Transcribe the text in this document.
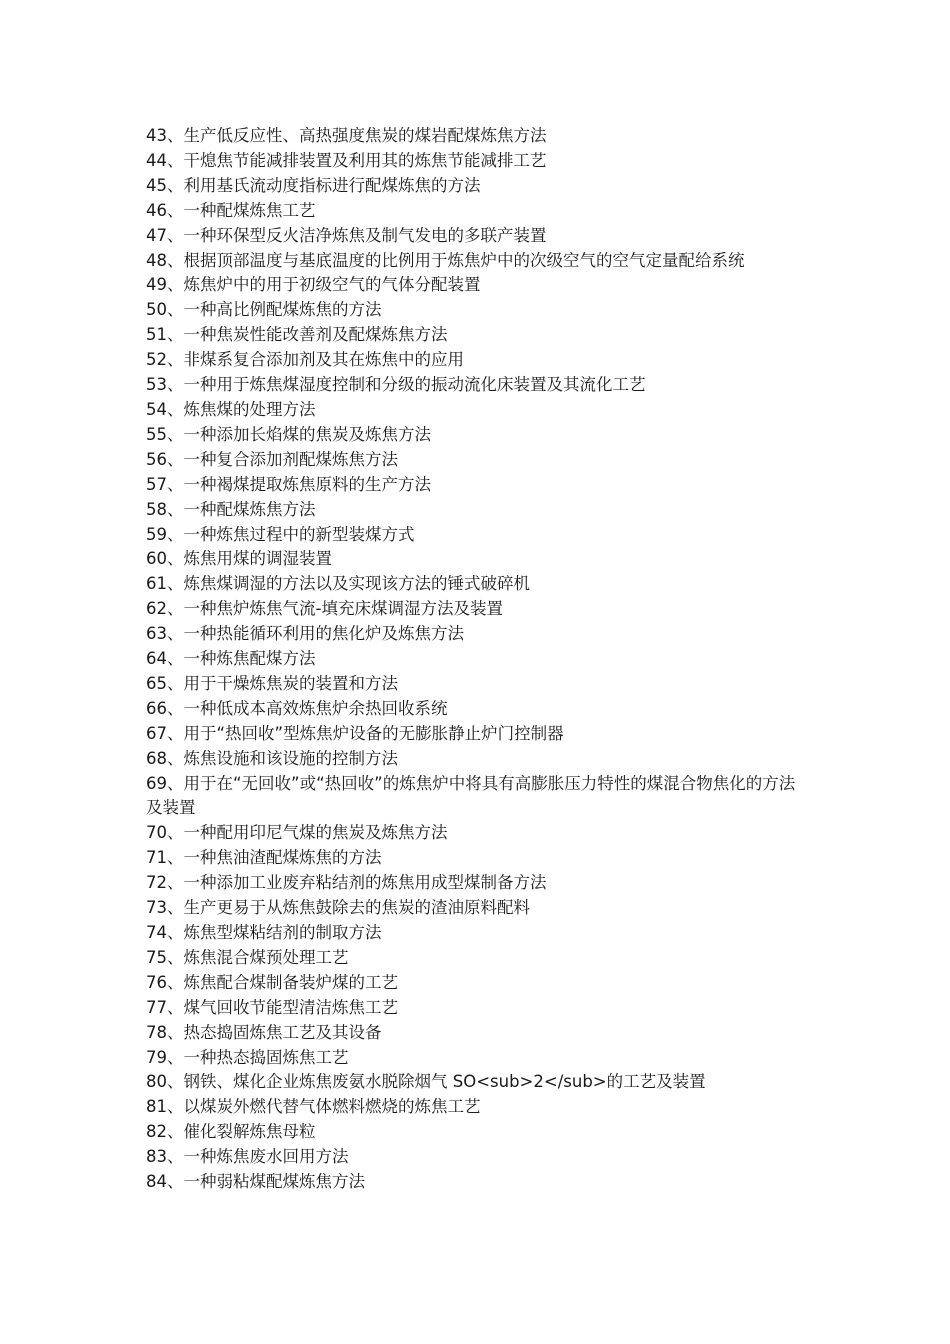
43、生产低反应性、高热强度焦炭的煤岩配煤炼焦方法
44、干熄焦节能减排装置及利用其的炼焦节能减排工艺
45、利用基氏流动度指标进行配煤炼焦的方法
46、一种配煤炼焦工艺
47、一种环保型反火洁净炼焦及制气发电的多联产装置
48、根据顶部温度与基底温度的比例用于炼焦炉中的次级空气的空气定量配给系统
49、炼焦炉中的用于初级空气的气体分配装置
50、一种高比例配煤炼焦的方法
51、一种焦炭性能改善剂及配煤炼焦方法
52、非煤系复合添加剂及其在炼焦中的应用
53、一种用于炼焦煤湿度控制和分级的振动流化床装置及其流化工艺
54、炼焦煤的处理方法
55、一种添加长焰煤的焦炭及炼焦方法
56、一种复合添加剂配煤炼焦方法
57、一种褐煤提取炼焦原料的生产方法
58、一种配煤炼焦方法
59、一种炼焦过程中的新型装煤方式
60、炼焦用煤的调湿装置
61、炼焦煤调湿的方法以及实现该方法的锤式破碎机
62、一种焦炉炼焦气流-填充床煤调湿方法及装置
63、一种热能循环利用的焦化炉及炼焦方法
64、一种炼焦配煤方法
65、用于干燥炼焦炭的装置和方法
66、一种低成本高效炼焦炉余热回收系统
67、用于“热回收”型炼焦炉设备的无膨胀静止炉门控制器
68、炼焦设施和该设施的控制方法
69、用于在“无回收”或“热回收”的炼焦炉中将具有高膨胀压力特性的煤混合物焦化的方法及装置
70、一种配用印尼气煤的焦炭及炼焦方法
71、一种焦油渣配煤炼焦的方法
72、一种添加工业废弃粘结剂的炼焦用成型煤制备方法
73、生产更易于从炼焦鼓除去的焦炭的渣油原料配料
74、炼焦型煤粘结剂的制取方法
75、炼焦混合煤预处理工艺
76、炼焦配合煤制备装炉煤的工艺
77、煤气回收节能型清洁炼焦工艺
78、热态捣固炼焦工艺及其设备
79、一种热态捣固炼焦工艺
80、钢铁、煤化企业炼焦废氨水脱除烟气 SO<sub>2</sub>的工艺及装置
81、以煤炭外燃代替气体燃料燃烧的炼焦工艺
82、催化裂解炼焦母粒
83、一种炼焦废水回用方法
84、一种弱粘煤配煤炼焦方法
